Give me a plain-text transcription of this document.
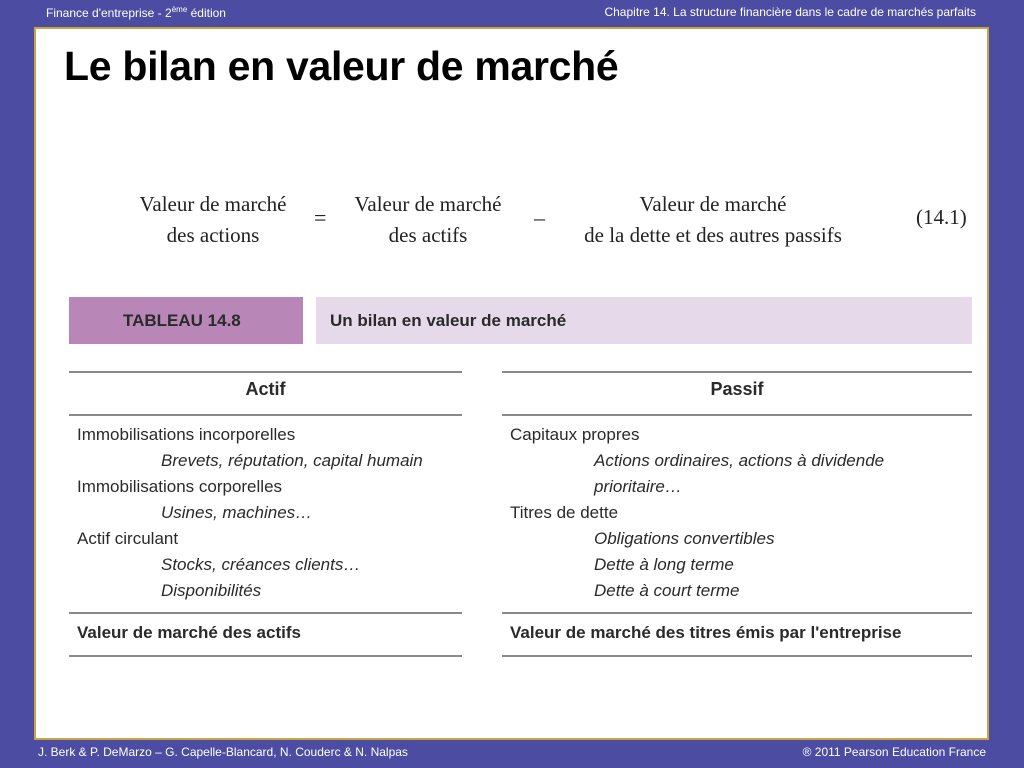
Finance d'entreprise - 2ème édition	Chapitre 14. La structure financière dans le cadre de marchés parfaits
Le bilan en valeur de marché
Valeur de marché
des actions
=
Valeur de marché
des actifs
–
Valeur de marché
de la dette et des autres passifs
(14.1)
TABLEAU 14.8	Un bilan en valeur de marché
Actif
Immobilisations incorporelles
Brevets, réputation, capital humain
Immobilisations corporelles
Usines, machines…
Actif circulant
Stocks, créances clients…
Disponibilités
Valeur de marché des actifs
Passif
Capitaux propres
Actions ordinaires, actions à dividende
prioritaire…
Titres de dette
Obligations convertibles
Dette à long terme
Dette à court terme
Valeur de marché des titres émis par l'entreprise
J. Berk & P. DeMarzo – G. Capelle-Blancard, N. Couderc & N. Nalpas	® 2011 Pearson Education France
